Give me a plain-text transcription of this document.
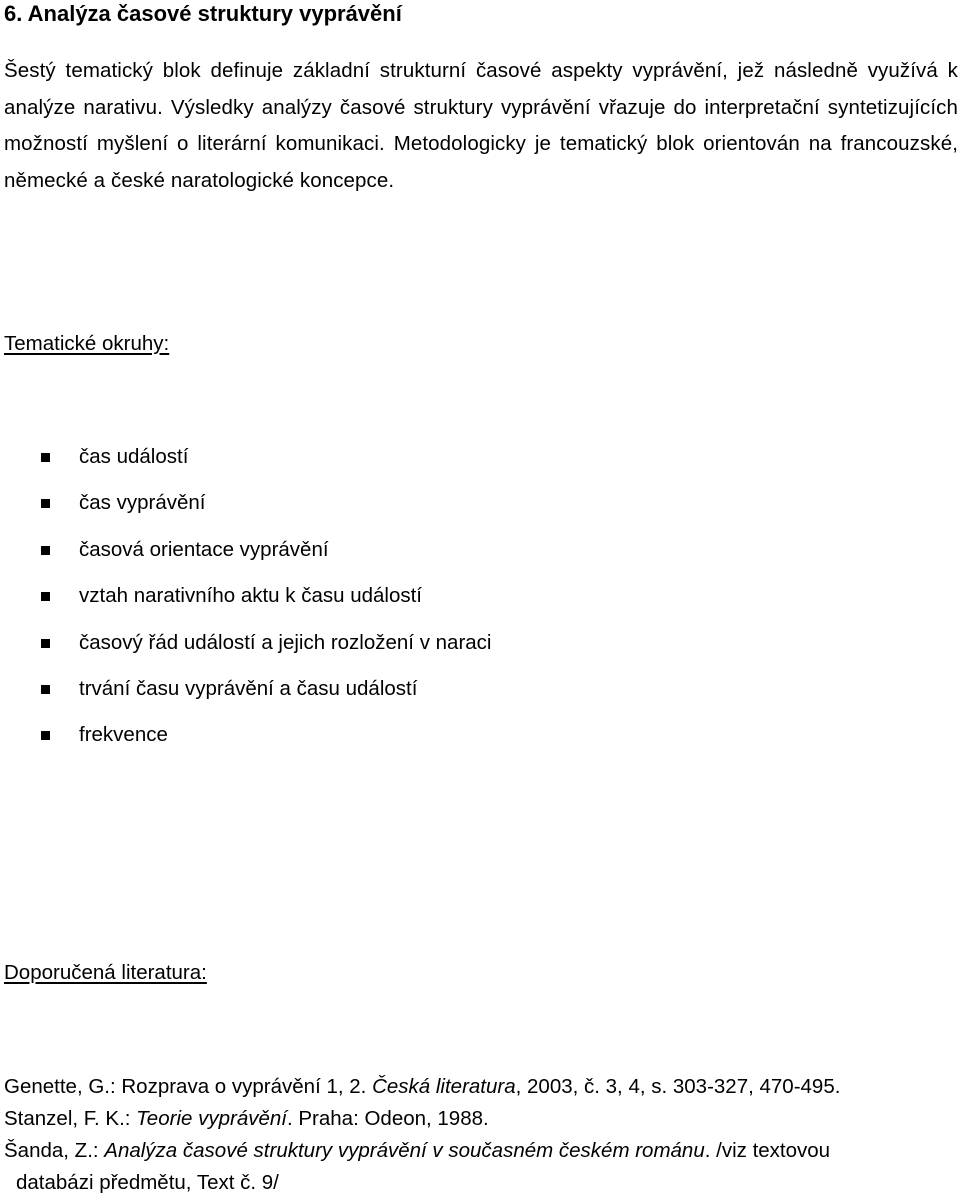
6. Analýza časové struktury vyprávění

Šestý tematický blok definuje základní strukturní časové aspekty vyprávění, jež následně využívá k analýze narativu. Výsledky analýzy časové struktury vyprávění vřazuje do interpretační syntetizujících možností myšlení o literární komunikaci. Metodologicky je tematický blok orientován na francouzské, německé a české naratologické koncepce.

Tematické okruhy:
čas událostí
čas vyprávění
časová orientace vyprávění
vztah narativního aktu k času událostí
časový řád událostí a jejich rozložení v naraci
trvání času vyprávění a času událostí
frekvence
Doporučená literatura:

Genette, G.: Rozprava o vyprávění 1, 2. Česká literatura, 2003, č. 3, 4, s. 303-327, 470-495.

Stanzel, F. K.: Teorie vyprávění. Praha: Odeon, 1988.

Šanda, Z.: Analýza časové struktury vyprávění v současném českém románu. /viz textovou
databázi předmětu, Text č. 9/
